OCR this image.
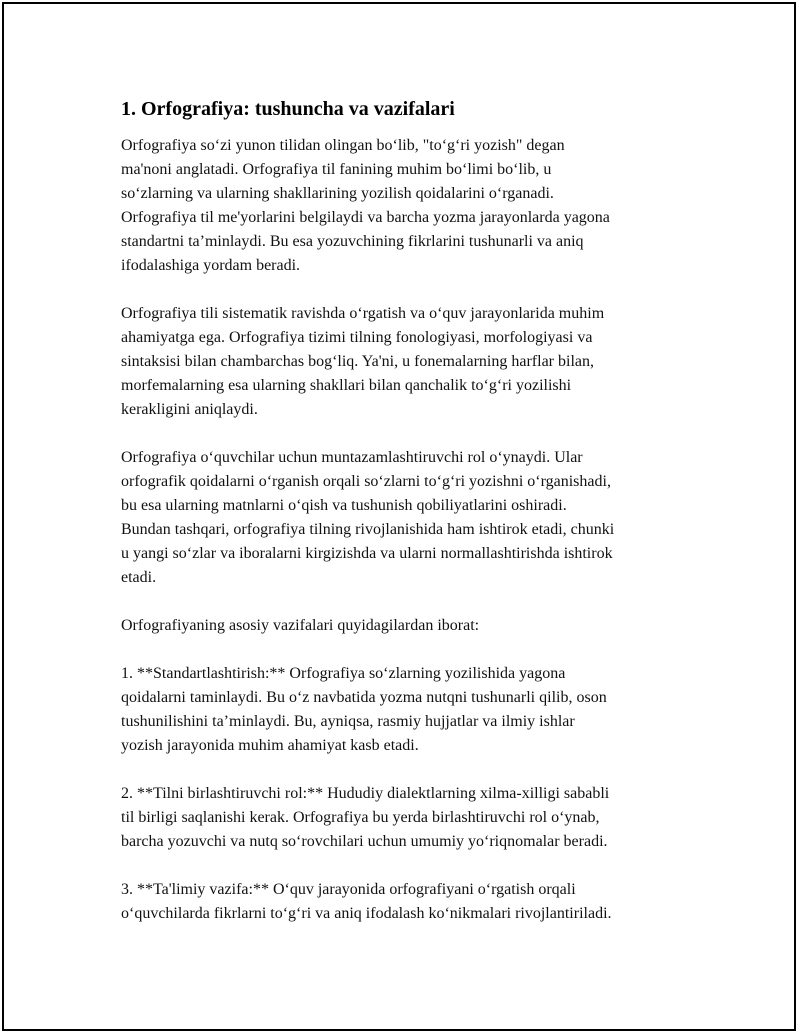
1. Orfografiya: tushuncha va vazifalari

Orfografiya so‘zi yunon tilidan olingan bo‘lib, "to‘g‘ri yozish" degan
ma'noni anglatadi. Orfografiya til fanining muhim bo‘limi bo‘lib, u
so‘zlarning va ularning shakllarining yozilish qoidalarini o‘rganadi.
Orfografiya til me'yorlarini belgilaydi va barcha yozma jarayonlarda yagona
standartni ta’minlaydi. Bu esa yozuvchining fikrlarini tushunarli va aniq
ifodalashiga yordam beradi.

Orfografiya tili sistematik ravishda o‘rgatish va o‘quv jarayonlarida muhim
ahamiyatga ega. Orfografiya tizimi tilning fonologiyasi, morfologiyasi va
sintaksisi bilan chambarchas bog‘liq. Ya'ni, u fonemalarning harflar bilan,
morfemalarning esa ularning shakllari bilan qanchalik to‘g‘ri yozilishi
kerakligini aniqlaydi.

Orfografiya o‘quvchilar uchun muntazamlashtiruvchi rol o‘ynaydi. Ular
orfografik qoidalarni o‘rganish orqali so‘zlarni to‘g‘ri yozishni o‘rganishadi,
bu esa ularning matnlarni o‘qish va tushunish qobiliyatlarini oshiradi.
Bundan tashqari, orfografiya tilning rivojlanishida ham ishtirok etadi, chunki
u yangi so‘zlar va iboralarni kirgizishda va ularni normallashtirishda ishtirok
etadi.

Orfografiyaning asosiy vazifalari quyidagilardan iborat:

1. **Standartlashtirish:** Orfografiya so‘zlarning yozilishida yagona
qoidalarni taminlaydi. Bu o‘z navbatida yozma nutqni tushunarli qilib, oson
tushunilishini ta’minlaydi. Bu, ayniqsa, rasmiy hujjatlar va ilmiy ishlar
yozish jarayonida muhim ahamiyat kasb etadi.

2. **Tilni birlashtiruvchi rol:** Hududiy dialektlarning xilma-xilligi sababli
til birligi saqlanishi kerak. Orfografiya bu yerda birlashtiruvchi rol o‘ynab,
barcha yozuvchi va nutq so‘rovchilari uchun umumiy yo‘riqnomalar beradi.

3. **Ta'limiy vazifa:** O‘quv jarayonida orfografiyani o‘rgatish orqali
o‘quvchilarda fikrlarni to‘g‘ri va aniq ifodalash ko‘nikmalari rivojlantiriladi.
